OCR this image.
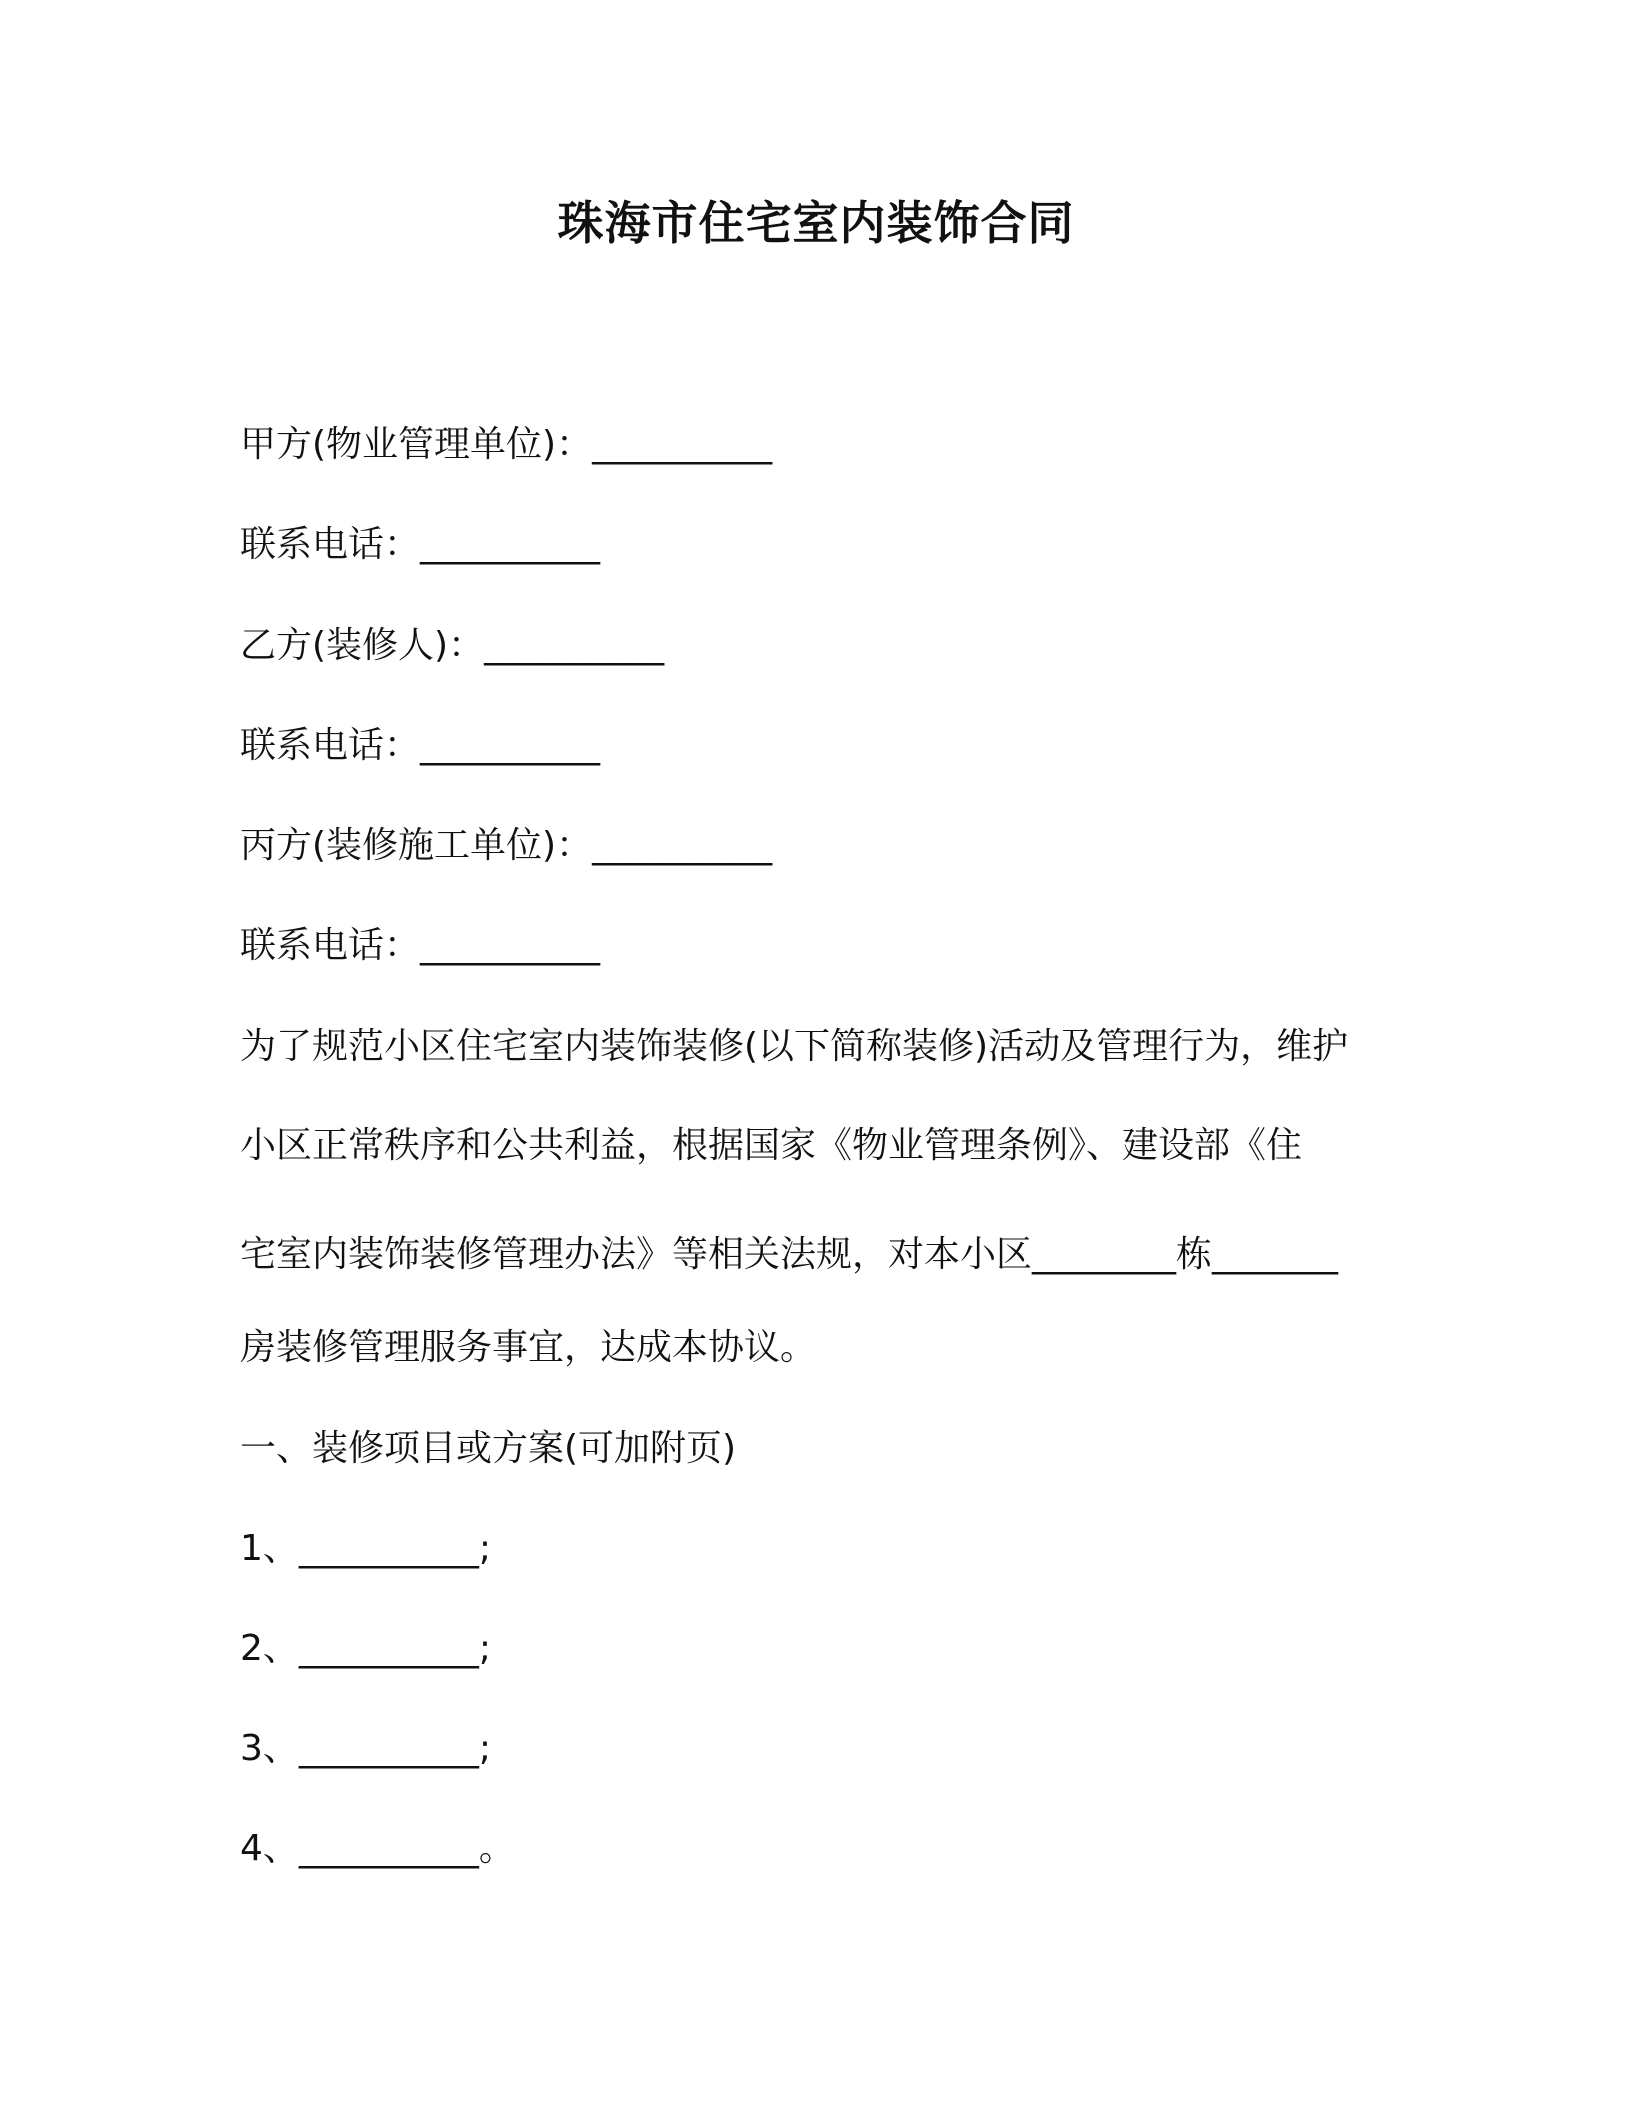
珠海市住宅室内装饰合同
甲方(物业管理单位)：__________
联系电话：__________
乙方(装修人)：__________
联系电话：__________
丙方(装修施工单位)：__________
联系电话：__________
为了规范小区住宅室内装饰装修(以下简称装修)活动及管理行为，维护
小区正常秩序和公共利益，根据国家《物业管理条例》、建设部《住
宅室内装饰装修管理办法》等相关法规，对本小区________栋_______
房装修管理服务事宜，达成本协议。
一、装修项目或方案(可加附页)
1、__________;
2、__________;
3、__________;
4、__________。
